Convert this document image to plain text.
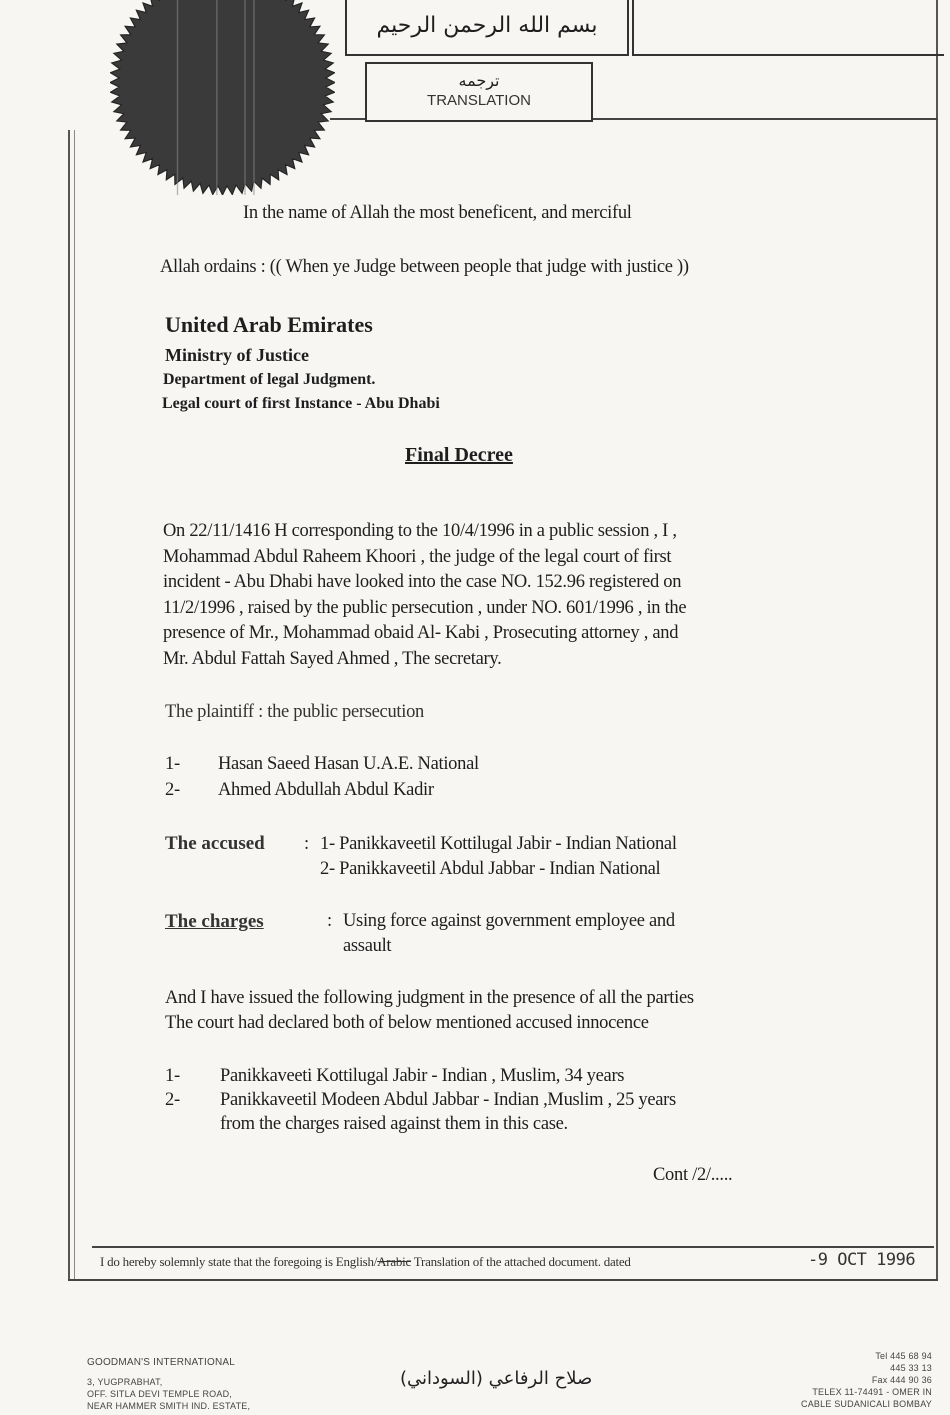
بسم الله الرحمن الرحيم
ترجمه
TRANSLATION
In the name of Allah the most beneficent, and merciful
Allah ordains : (( When ye Judge between people that judge with justice ))
United Arab Emirates
Ministry of Justice
Department of legal Judgment.
Legal court of first Instance - Abu Dhabi
Final Decree
On 22/11/1416 H corresponding to the 10/4/1996 in a public session , I ,
Mohammad Abdul Raheem Khoori , the judge of the legal court of first
incident - Abu Dhabi have looked into the case NO. 152.96 registered on
11/2/1996 , raised by the public persecution , under NO. 601/1996 , in the
presence of Mr., Mohammad obaid Al- Kabi , Prosecuting attorney , and
Mr. Abdul Fattah Sayed Ahmed , The secretary.
The plaintiff : the public persecution
1- Hasan Saeed Hasan U.A.E. National
2- Ahmed Abdullah Abdul Kadir
The accused : 1- Panikkaveetil Kottilugal Jabir - Indian National
2- Panikkaveetil Abdul Jabbar - Indian National
The charges	: Using force against government employee and
assault
And I have issued the following judgment in the presence of all the parties
The court had declared both of below mentioned accused innocence
1- Panikkaveeti Kottilugal Jabir - Indian , Muslim, 34 years
2- Panikkaveetil Modeen Abdul Jabbar - Indian ,Muslim , 25 years
from the charges raised against them in this case.
Cont /2/.....
I do hereby solemnly state that the foregoing is English/Arabic Translation of the attached document. dated	-9 OCT 1996
GOODMAN'S INTERNATIONAL
3, YUGPRABHAT,
OFF. SITLA DEVI TEMPLE ROAD,
NEAR HAMMER SMITH IND. ESTATE,
صلاح الرفاعي (السوداني)
Tel 445 68 94
445 33 13
Fax 444 90 36
TELEX 11-74491 - OMER IN
CABLE SUDANICALI BOMBAY
